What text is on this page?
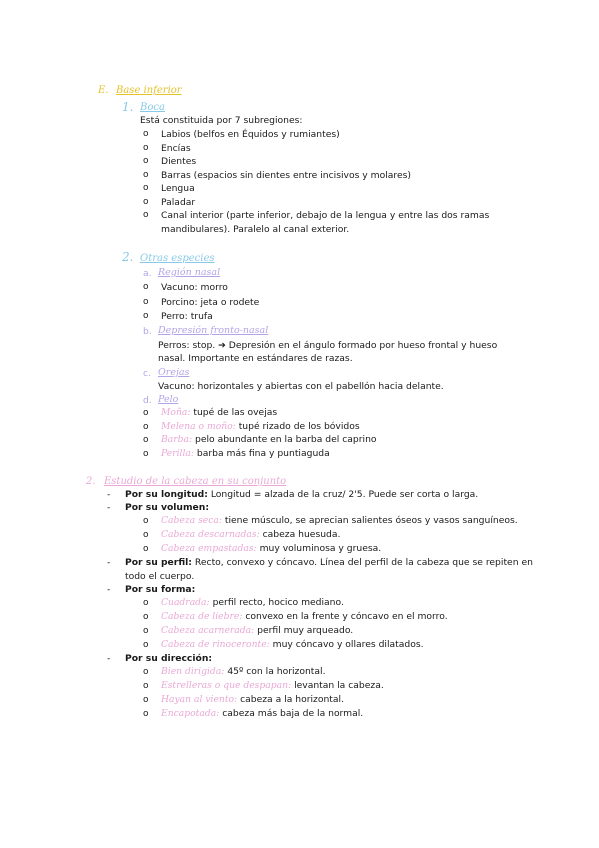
E. Base inferior
1. Boca
Está constituida por 7 subregiones:
o Labios (belfos en Équidos y rumiantes)
o Encías
o Dientes
o Barras (espacios sin dientes entre incisivos y molares)
o Lengua
o Paladar
o Canal interior (parte inferior, debajo de la lengua y entre las dos ramas
mandibulares). Paralelo al canal exterior.
2. Otras especies
a. Región nasal
o Vacuno: morro
o Porcino: jeta o rodete
o Perro: trufa
b. Depresión fronto-nasal
Perros: stop. ➔ Depresión en el ángulo formado por hueso frontal y hueso
nasal. Importante en estándares de razas.
c. Orejas
Vacuno: horizontales y abiertas con el pabellón hacia delante.
d. Pelo
o Moña: tupé de las ovejas
o Melena o moño: tupé rizado de los bóvidos
o Barba: pelo abundante en la barba del caprino
o Perilla: barba más fina y puntiaguda
2. Estudio de la cabeza en su conjunto
- Por su longitud: Longitud = alzada de la cruz/ 2'5. Puede ser corta o larga.
- Por su volumen:
o Cabeza seca: tiene músculo, se aprecian salientes óseos y vasos sanguíneos.
o Cabeza descarnadas: cabeza huesuda.
o Cabeza empastadas: muy voluminosa y gruesa.
- Por su perfil: Recto, convexo y cóncavo. Línea del perfil de la cabeza que se repiten en
todo el cuerpo.
- Por su forma:
o Cuadrada: perfil recto, hocico mediano.
o Cabeza de liebre: convexo en la frente y cóncavo en el morro.
o Cabeza acarnerada: perfil muy arqueado.
o Cabeza de rinoceronte: muy cóncavo y ollares dilatados.
- Por su dirección:
o Bien dirigida: 45º con la horizontal.
o Estrelleras o que despapan: levantan la cabeza.
o Hayan al viento: cabeza a la horizontal.
o Encapotada: cabeza más baja de la normal.
